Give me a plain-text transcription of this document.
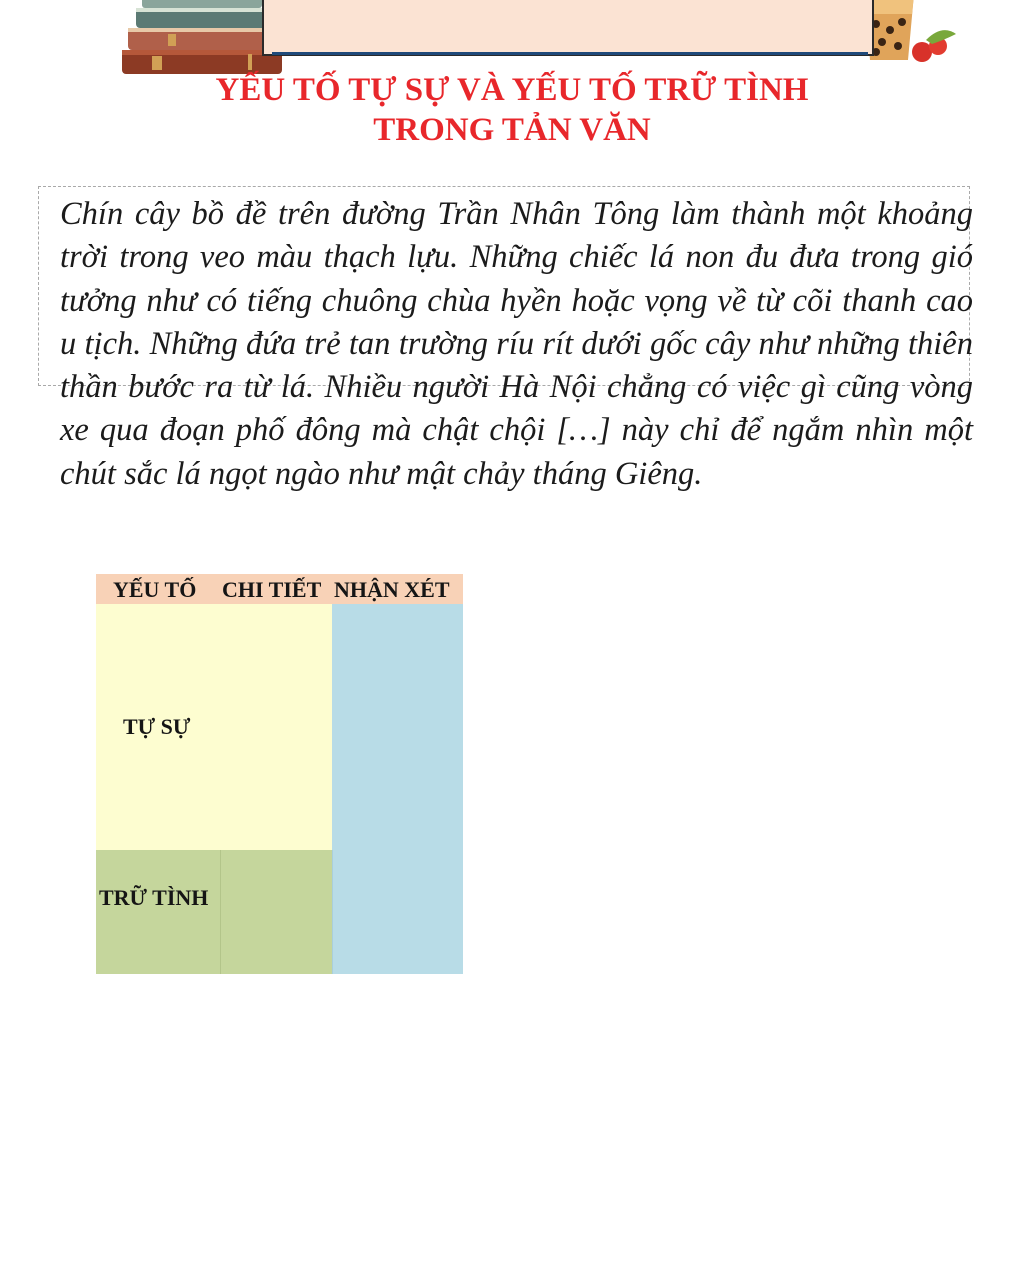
YẾU TỐ TỰ SỰ VÀ YẾU TỐ TRỮ TÌNH
TRONG TẢN VĂN

Chín cây bồ đề trên đường Trần Nhân Tông làm thành một khoảng trời trong veo màu thạch lựu. Những chiếc lá non đu đưa trong gió tưởng như có tiếng chuông chùa hyền hoặc vọng về từ cõi thanh cao u tịch. Những đứa trẻ tan trường ríu rít dưới gốc cây như những thiên thần bước ra từ lá. Nhiều người Hà Nội chẳng có việc gì cũng vòng xe qua đoạn phố đông mà chật chội […] này chỉ để ngắm nhìn một chút sắc lá ngọt ngào như mật chảy tháng Giêng.

YẾU TỐ CHI TIẾT NHẬN XÉT
TỰ SỰ
TRỮ TÌNH
